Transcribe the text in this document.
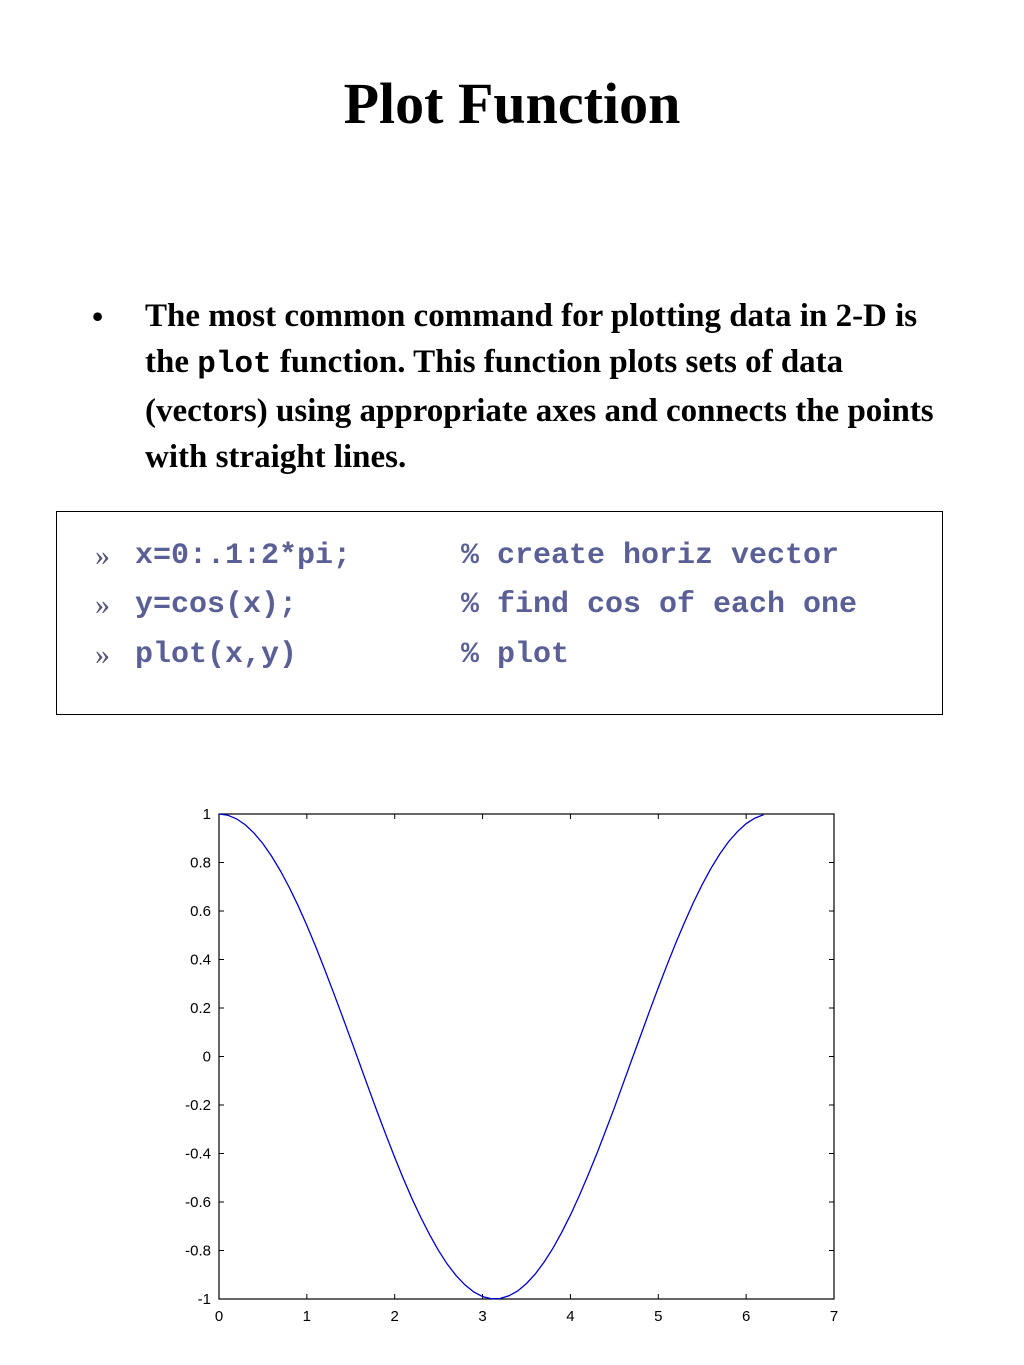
Plot Function
• The most common command for plotting data in 2-D is the plot function. This function plots sets of data (vectors) using appropriate axes and connects the points with straight lines.

»

x=0:.1:2*pi;

	% create horiz vector

»

y=cos(x);

	% find cos of each one

»

plot(x,y)

	% plot

0	1	2	3	4	5	6	7
-1
-0.8
-0.6
-0.4
-0.2
0
0.2
0.4
0.6
0.8
1
